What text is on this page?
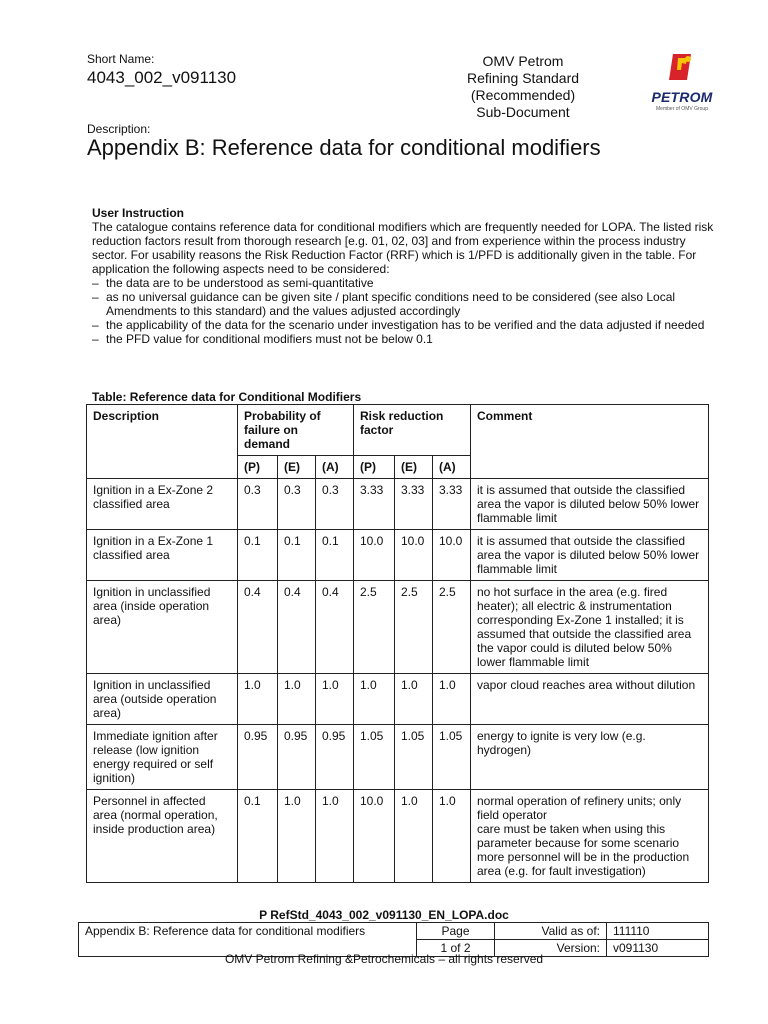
Short Name:
4043_002_v091130
OMV Petrom
Refining Standard
(Recommended)
Sub-Document
PETROM
Member of OMV Group
Description:
Appendix B: Reference data for conditional modifiers
User Instruction
The catalogue contains reference data for conditional modifiers which are frequently needed for LOPA. The listed risk reduction factors result from thorough research [e.g. 01, 02, 03] and from experience within the process industry sector. For usability reasons the Risk Reduction Factor (RRF) which is 1/PFD is additionally given in the table. For application the following aspects need to be considered:
– the data are to be understood as semi-quantitative
– as no universal guidance can be given site / plant specific conditions need to be considered (see also Local Amendments to this standard) and the values adjusted accordingly
– the applicability of the data for the scenario under investigation has to be verified and the data adjusted if needed
– the PFD value for conditional modifiers must not be below 0.1
Table: Reference data for Conditional Modifiers
Description	Probability of failure on demand			Risk reduction factor			Comment
	(P)	(E)	(A)	(P)	(E)	(A)	
Ignition in a Ex-Zone 2 classified area	0.3	0.3	0.3	3.33	3.33	3.33	it is assumed that outside the classified area the vapor is diluted below 50% lower flammable limit
Ignition in a Ex-Zone 1 classified area	0.1	0.1	0.1	10.0	10.0	10.0	it is assumed that outside the classified area the vapor is diluted below 50% lower flammable limit
Ignition in unclassified area (inside operation area)	0.4	0.4	0.4	2.5	2.5	2.5	no hot surface in the area (e.g. fired heater); all electric & instrumentation corresponding Ex-Zone 1 installed; it is assumed that outside the classified area the vapor could is diluted below 50% lower flammable limit
Ignition in unclassified area (outside operation area)	1.0	1.0	1.0	1.0	1.0	1.0	vapor cloud reaches area without dilution
Immediate ignition after release (low ignition energy required or self ignition)	0.95	0.95	0.95	1.05	1.05	1.05	energy to ignite is very low (e.g. hydrogen)
Personnel in affected area (normal operation, inside production area)	0.1	1.0	1.0	10.0	1.0	1.0	normal operation of refinery units; only field operator
care must be taken when using this parameter because for some scenario more personnel will be in the production area (e.g. for fault investigation)
P RefStd_4043_002_v091130_EN_LOPA.doc
Appendix B: Reference data for conditional modifiers	Page	Valid as of:	111110
	1 of 2	Version:	v091130
OMV Petrom Refining &Petrochemicals – all rights reserved
